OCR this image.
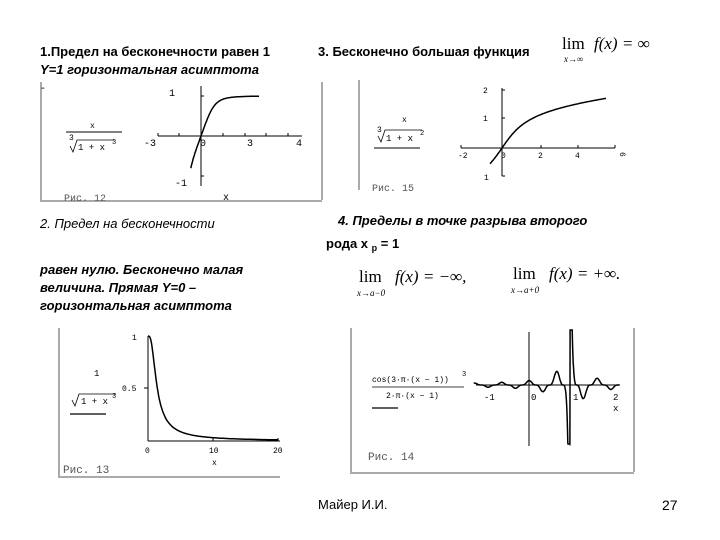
1.Предел на бесконечности равен 1
Y=1 горизонтальная асимптота
3. Бесконечно большая функция lim f(x) = ∞
x→∞
2. Предел на бесконечности
равен нулю. Бесконечно малая
величина. Прямая Y=0 –
горизонтальная асимптота
4. Пределы в точке разрыва второго
рода x $_p$ = 1
lim f(x) = −∞,
x→a−0
lim f(x) = +∞.
x→a+0
-
x
3
1 + x 3
1
-1
-3	0	3	4
x
Рис. 12
x
3
1 + x 2
2
1
1
-2	0	2	4	6
Рис. 15
1
1 + x 3
1
0.5
0	10	20
x
Рис. 13
cos(3·π·(x − 1))
3
2·π·(x − 1)	-1	0	1	2
x
Рис. 14
Майер И.И.	27
